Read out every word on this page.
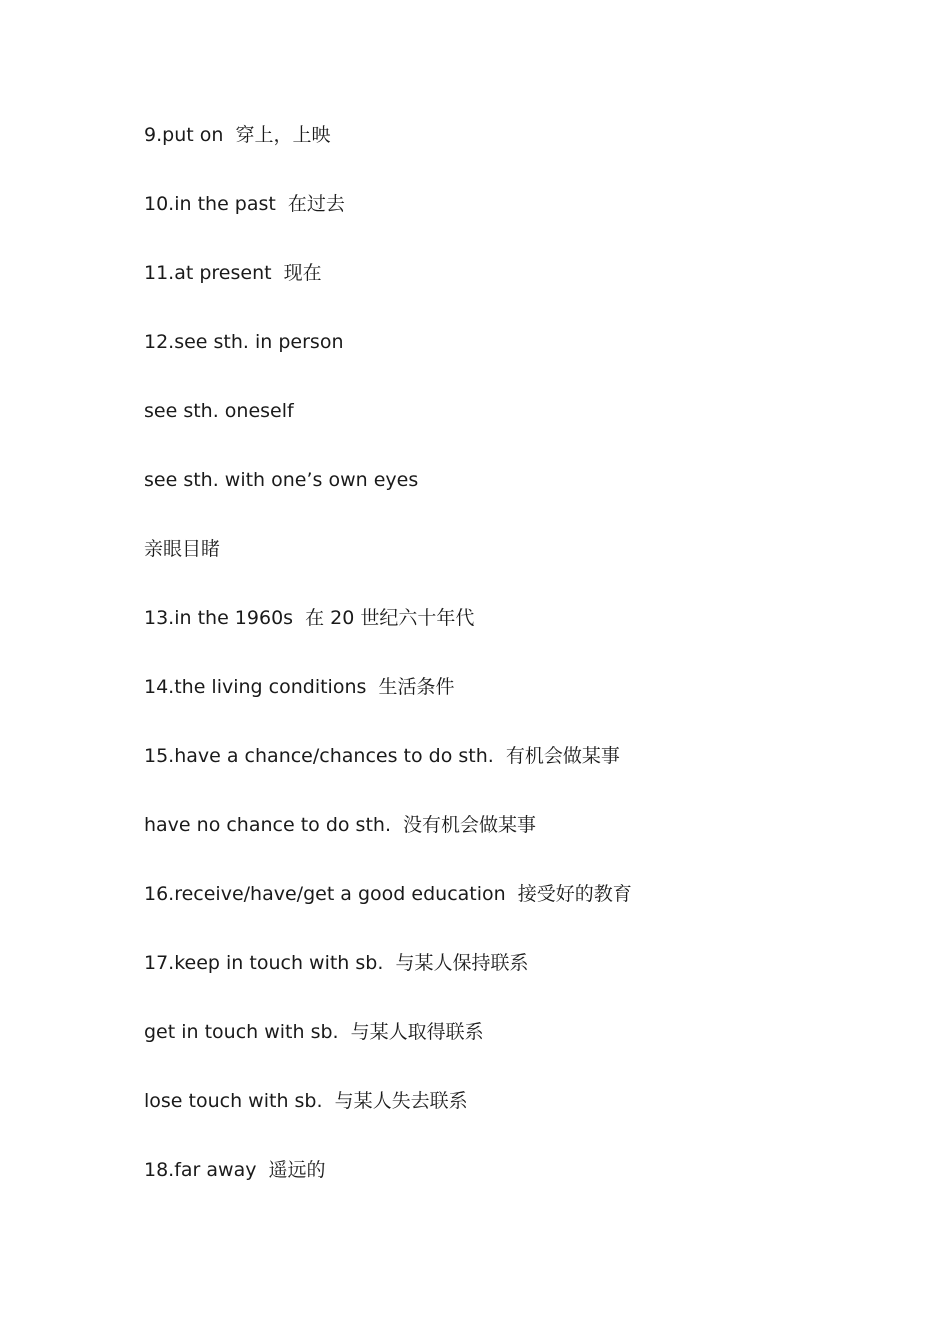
9.put on  穿上，上映
10.in the past  在过去
11.at present  现在
12.see sth. in person
see sth. oneself
see sth. with one’s own eyes
亲眼目睹
13.in the 1960s  在 20 世纪六十年代
14.the living conditions  生活条件
15.have a chance/chances to do sth.  有机会做某事
have no chance to do sth.  没有机会做某事
16.receive/have/get a good education  接受好的教育
17.keep in touch with sb.  与某人保持联系
get in touch with sb.  与某人取得联系
lose touch with sb.  与某人失去联系
18.far away  遥远的
